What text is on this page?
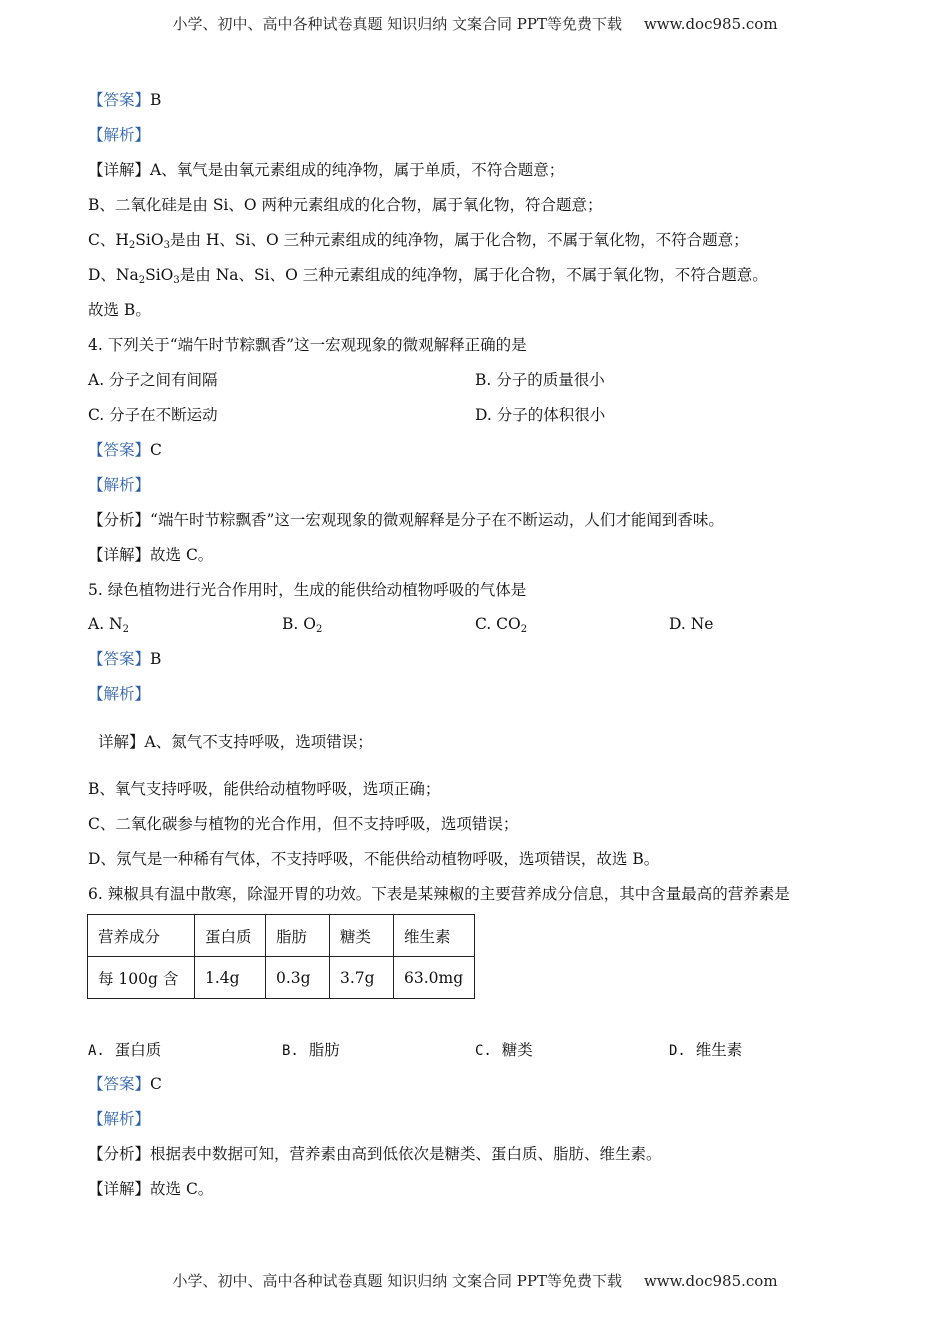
小学、初中、高中各种试卷真题 知识归纳 文案合同 PPT等免费下载 www.doc985.com
【答案】B
【解析】
【详解】A、氧气是由氧元素组成的纯净物，属于单质，不符合题意；
B、二氧化硅是由 Si、O 两种元素组成的化合物，属于氧化物，符合题意；
C、$H_2SiO_3$是由 H、Si、O 三种元素组成的纯净物，属于化合物，不属于氧化物，不符合题意；
D、$Na_2SiO_3$是由 Na、Si、O 三种元素组成的纯净物，属于化合物，不属于氧化物，不符合题意。
故选 B。
4. 下列关于“端午时节粽飘香”这一宏观现象的微观解释正确的是
A. 分子之间有间隔	B. 分子的质量很小
C. 分子在不断运动	D. 分子的体积很小
【答案】C
【解析】
【分析】“端午时节粽飘香”这一宏观现象的微观解释是分子在不断运动，人们才能闻到香味。
【详解】故选 C。
5. 绿色植物进行光合作用时，生成的能供给动植物呼吸的气体是
A. $N_2$	B. $O_2$	C. $CO_2$	D. Ne
【答案】B
【解析】
详解】A、氮气不支持呼吸，选项错误；
B、氧气支持呼吸，能供给动植物呼吸，选项正确；
C、二氧化碳参与植物的光合作用，但不支持呼吸，选项错误；
D、氖气是一种稀有气体，不支持呼吸，不能供给动植物呼吸，选项错误，故选 B。
6. 辣椒具有温中散寒，除湿开胃的功效。下表是某辣椒的主要营养成分信息，其中含量最高的营养素是
营养成分	蛋白质	脂肪	糖类	维生素
每 100g 含	1.4g	0.3g	3.7g	63.0mg
A. 蛋白质	B. 脂肪	C. 糖类	D. 维生素
【答案】C
【解析】
【分析】根据表中数据可知，营养素由高到低依次是糖类、蛋白质、脂肪、维生素。
【详解】故选 C。
小学、初中、高中各种试卷真题 知识归纳 文案合同 PPT等免费下载 www.doc985.com
